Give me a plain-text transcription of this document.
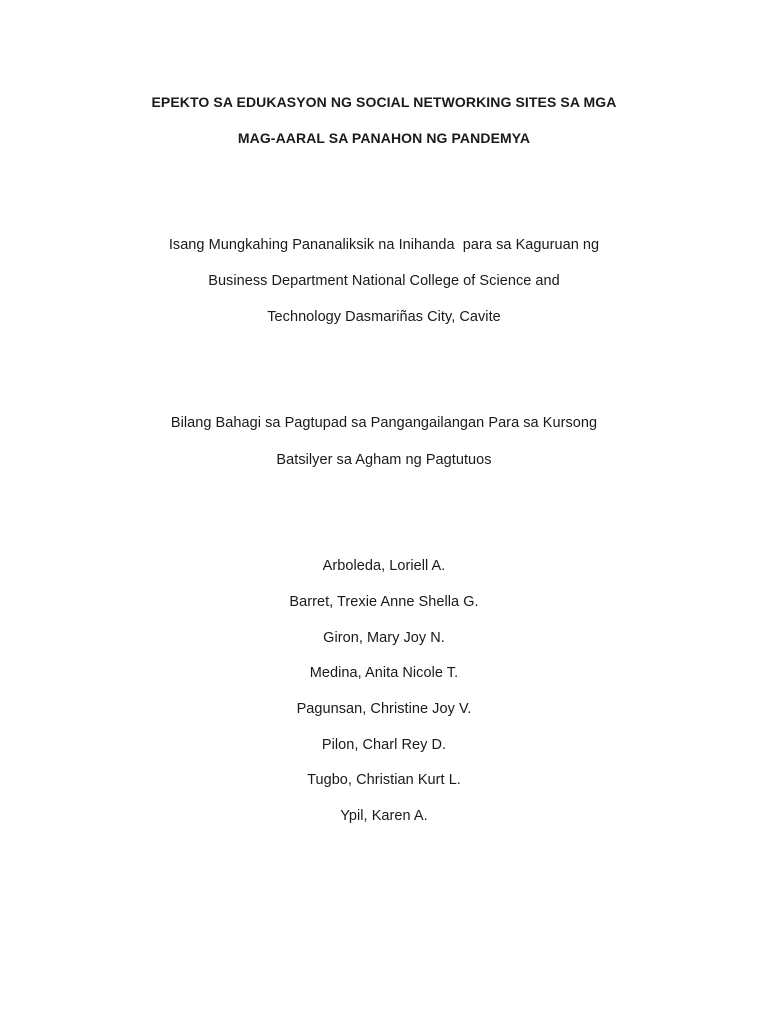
EPEKTO SA EDUKASYON NG SOCIAL NETWORKING SITES SA MGA
MAG-AARAL SA PANAHON NG PANDEMYA
Isang Mungkahing Pananaliksik na Inihanda  para sa Kaguruan ng
Business Department National College of Science and
Technology Dasmariñas City, Cavite
Bilang Bahagi sa Pagtupad sa Pangangailangan Para sa Kursong
Batsilyer sa Agham ng Pagtutuos
Arboleda, Loriell A.
Barret, Trexie Anne Shella G.
Giron, Mary Joy N.
Medina, Anita Nicole T.
Pagunsan, Christine Joy V.
Pilon, Charl Rey D.
Tugbo, Christian Kurt L.
Ypil, Karen A.
